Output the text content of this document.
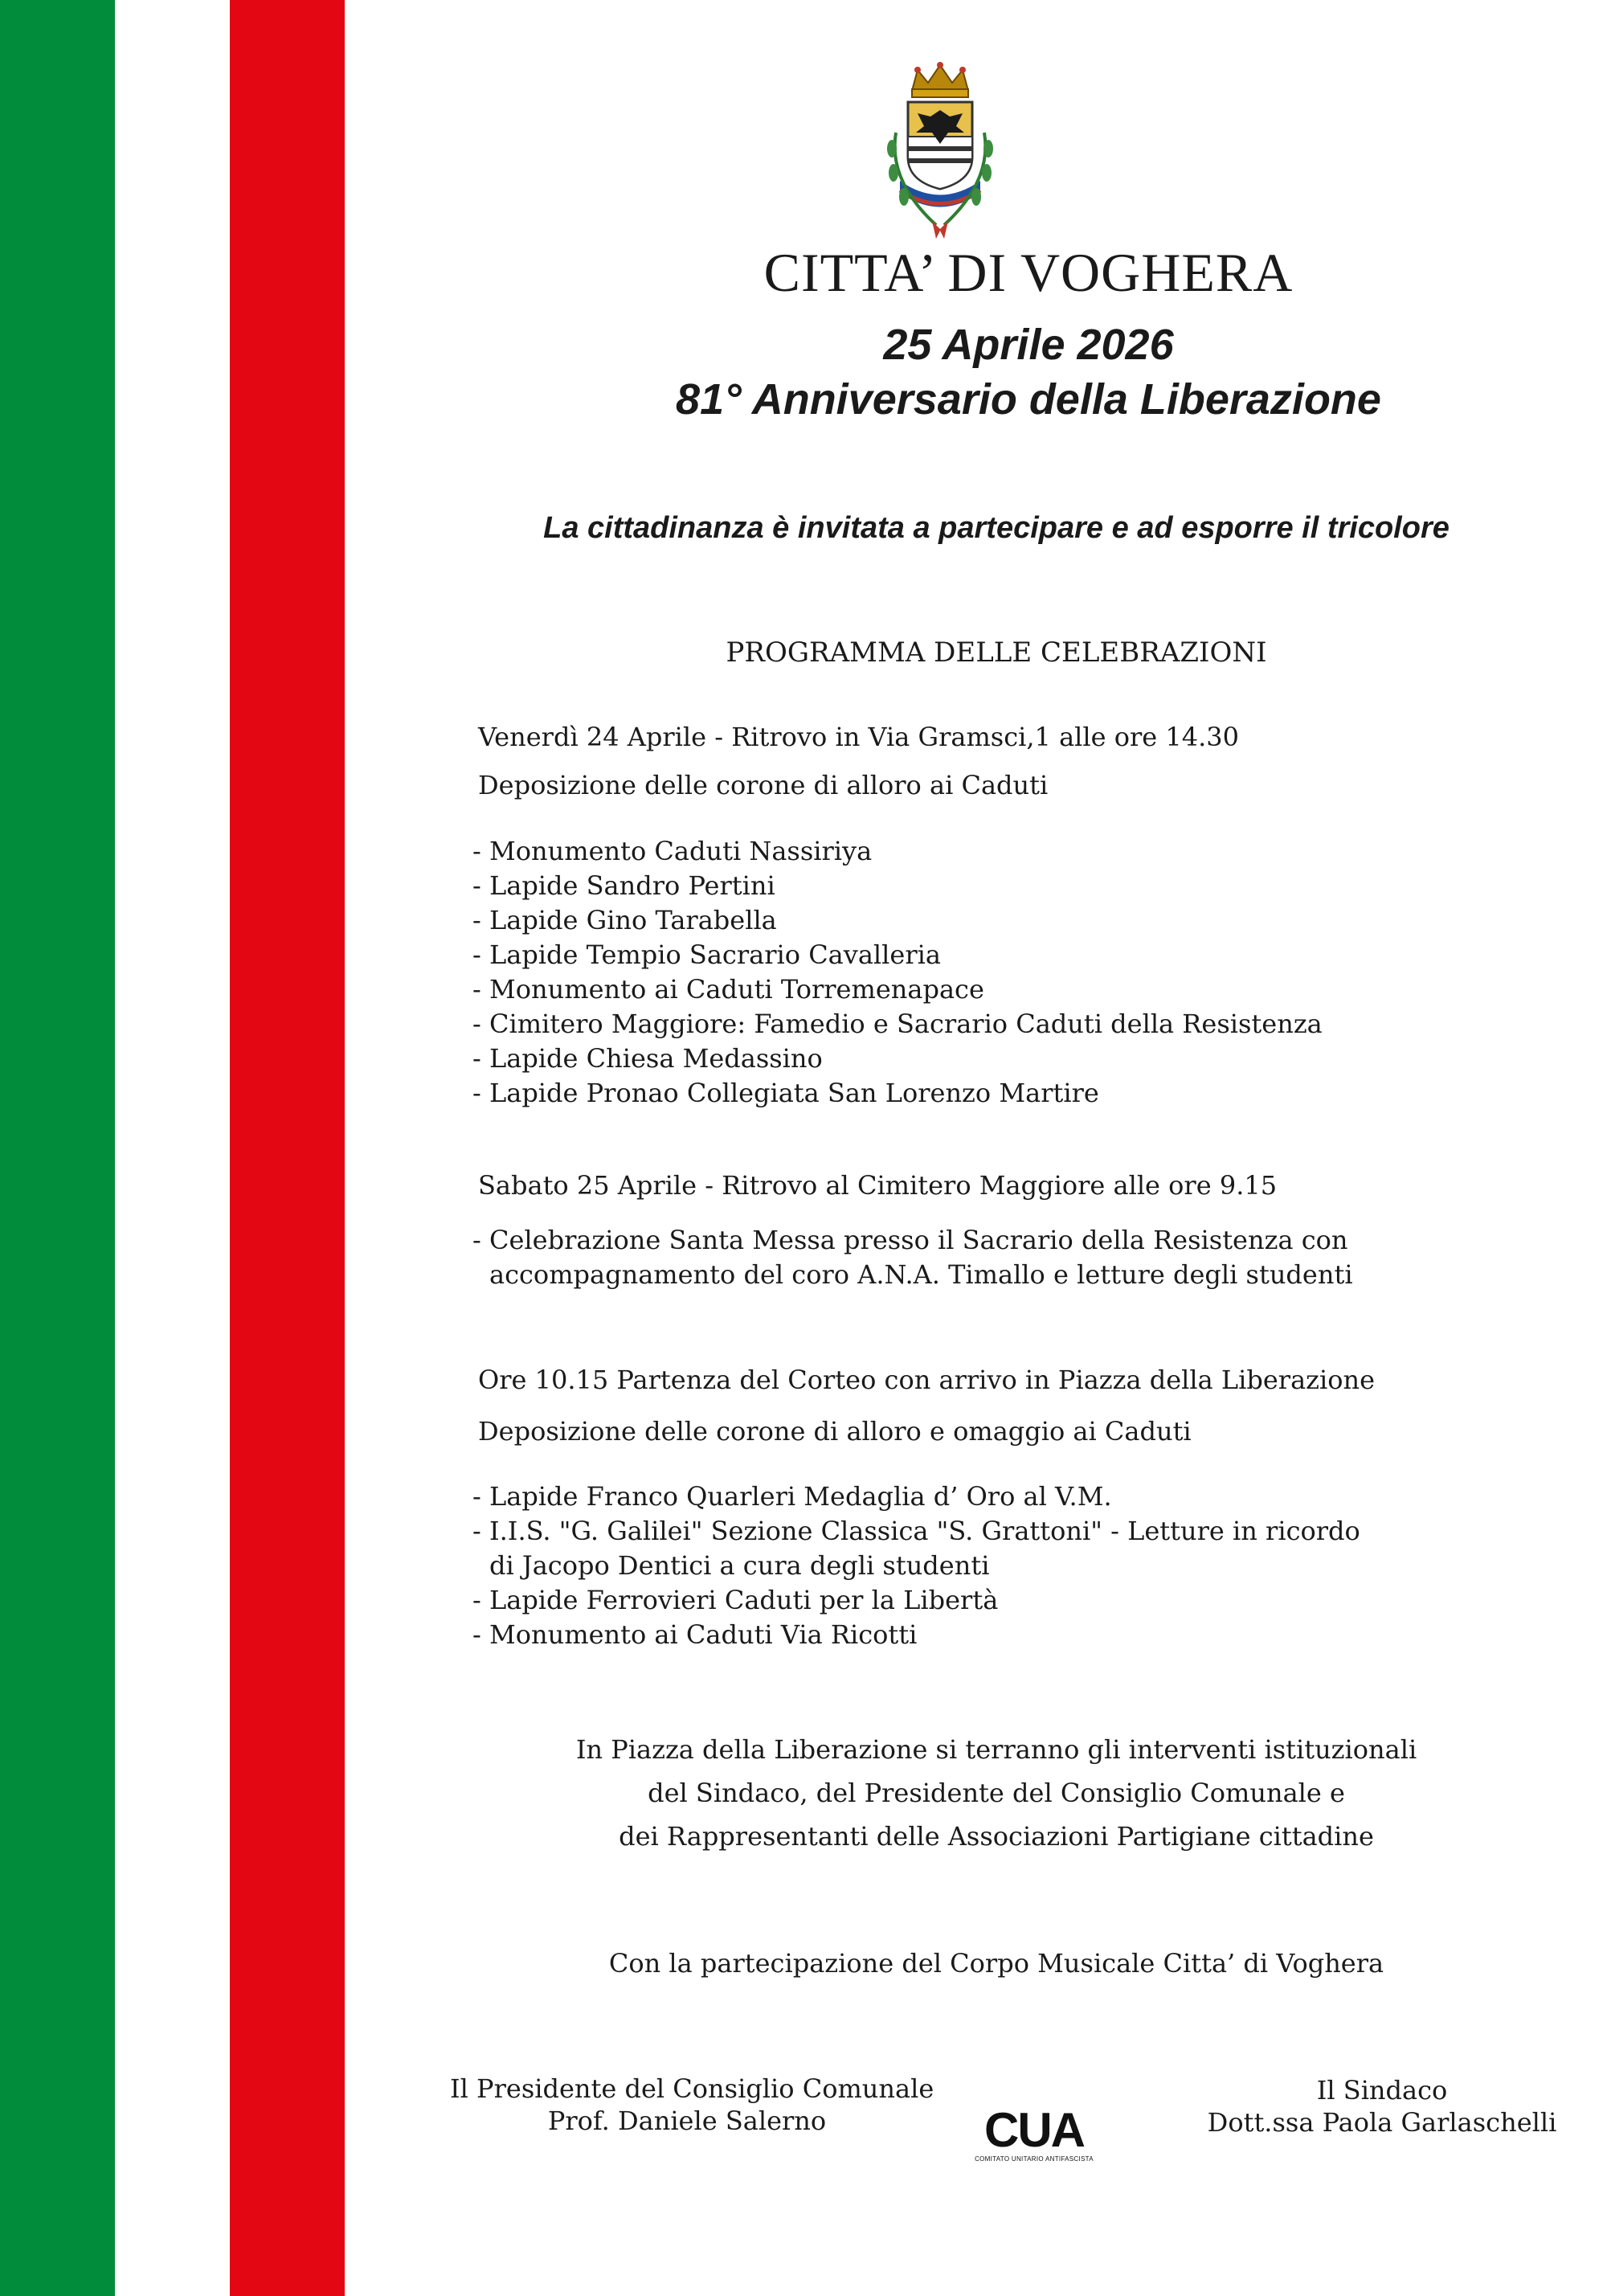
CITTA’ DI VOGHERA
25 Aprile 2026
81° Anniversario della Liberazione
La cittadinanza è invitata a partecipare e ad esporre il tricolore
PROGRAMMA DELLE CELEBRAZIONI
Venerdì 24 Aprile - Ritrovo in Via Gramsci,1 alle ore 14.30
Deposizione delle corone di alloro ai Caduti
- Monumento Caduti Nassiriya
- Lapide Sandro Pertini
- Lapide Gino Tarabella
- Lapide Tempio Sacrario Cavalleria
- Monumento ai Caduti Torremenapace
- Cimitero Maggiore: Famedio e Sacrario Caduti della Resistenza
- Lapide Chiesa Medassino
- Lapide Pronao Collegiata San Lorenzo Martire
Sabato 25 Aprile - Ritrovo al Cimitero Maggiore alle ore 9.15
- Celebrazione Santa Messa presso il Sacrario della Resistenza con
accompagnamento del coro A.N.A. Timallo e letture degli studenti
Ore 10.15 Partenza del Corteo con arrivo in Piazza della Liberazione
Deposizione delle corone di alloro e omaggio ai Caduti
- Lapide Franco Quarleri Medaglia d’ Oro al V.M.
- I.I.S. "G. Galilei" Sezione Classica "S. Grattoni" - Letture in ricordo
di Jacopo Dentici a cura degli studenti
- Lapide Ferrovieri Caduti per la Libertà
- Monumento ai Caduti Via Ricotti
In Piazza della Liberazione si terranno gli interventi istituzionali
del Sindaco, del Presidente del Consiglio Comunale e
dei Rappresentanti delle Associazioni Partigiane cittadine
Con la partecipazione del Corpo Musicale Citta’ di Voghera
Il Presidente del Consiglio Comunale
Prof. Daniele Salerno
Il Sindaco
Dott.ssa Paola Garlaschelli
CUA
COMITATO UNITARIO ANTIFASCISTA
